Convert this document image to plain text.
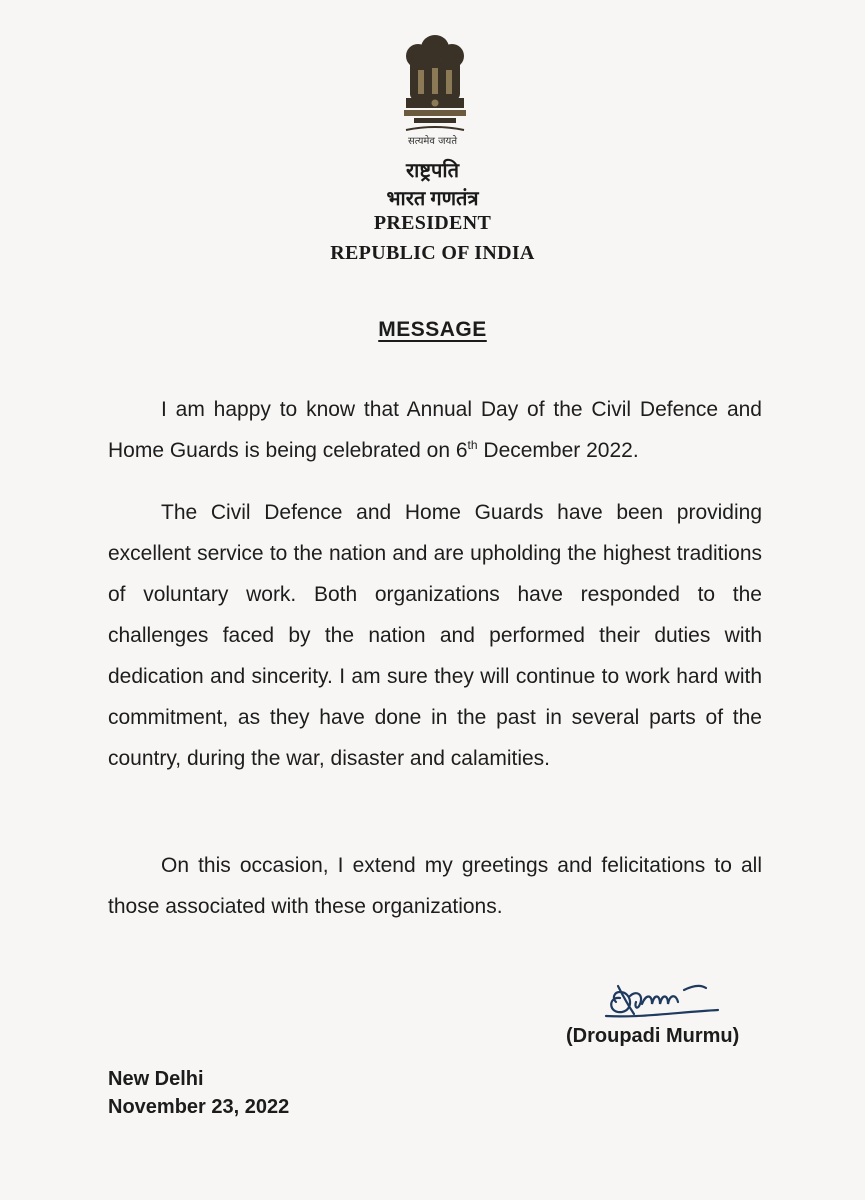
सत्यमेव जयते
राष्ट्रपति
भारत गणतंत्र
PRESIDENT
REPUBLIC OF INDIA
MESSAGE
I am happy to know that Annual Day of the Civil Defence and Home Guards is being celebrated on 6th December 2022.
The Civil Defence and Home Guards have been providing excellent service to the nation and are upholding the highest traditions of voluntary work. Both organizations have responded to the challenges faced by the nation and performed their duties with dedication and sincerity. I am sure they will continue to work hard with commitment, as they have done in the past in several parts of the country, during the war, disaster and calamities.
On this occasion, I extend my greetings and felicitations to all those associated with these organizations.
(Droupadi Murmu)
New Delhi
November 23, 2022
